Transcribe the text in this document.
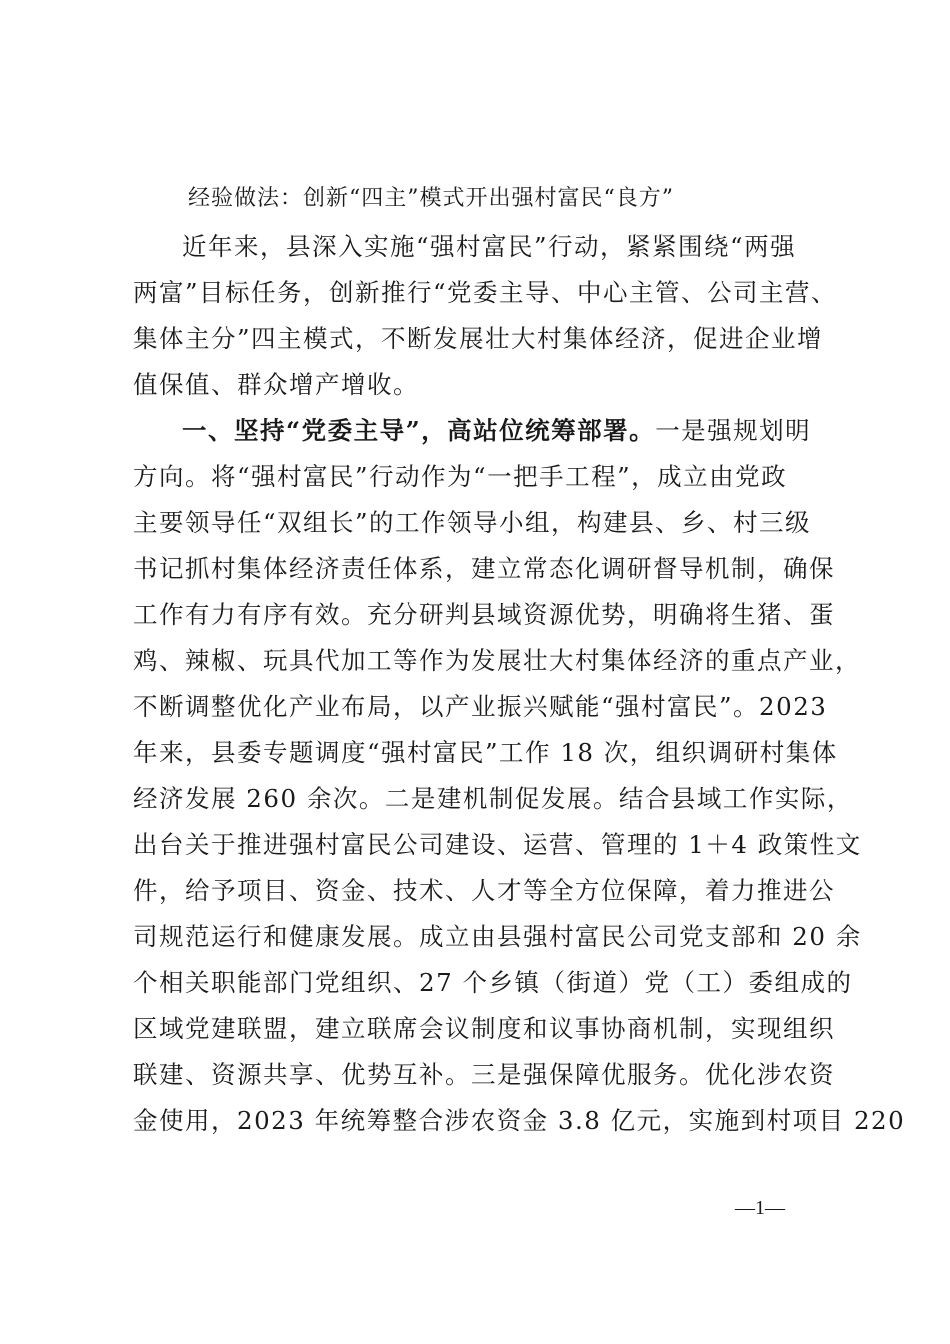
经验做法：创新“四主”模式开出强村富民“良方”
近年来，县深入实施“强村富民”行动，紧紧围绕“两强
两富”目标任务，创新推行“党委主导、中心主管、公司主营、
集体主分”四主模式，不断发展壮大村集体经济，促进企业增
值保值、群众增产增收。
一、坚持“党委主导”，高站位统筹部署。一是强规划明
方向。将“强村富民”行动作为“一把手工程”，成立由党政
主要领导任“双组长”的工作领导小组，构建县、乡、村三级
书记抓村集体经济责任体系，建立常态化调研督导机制，确保
工作有力有序有效。充分研判县域资源优势，明确将生猪、蛋
鸡、辣椒、玩具代加工等作为发展壮大村集体经济的重点产业，
不断调整优化产业布局，以产业振兴赋能“强村富民”。2023
年来，县委专题调度“强村富民”工作 18 次，组织调研村集体
经济发展 260 余次。二是建机制促发展。结合县域工作实际，
出台关于推进强村富民公司建设、运营、管理的 1＋4 政策性文
件，给予项目、资金、技术、人才等全方位保障，着力推进公
司规范运行和健康发展。成立由县强村富民公司党支部和 20 余
个相关职能部门党组织、27 个乡镇（街道）党（工）委组成的
区域党建联盟，建立联席会议制度和议事协商机制，实现组织
联建、资源共享、优势互补。三是强保障优服务。优化涉农资
金使用，2023 年统筹整合涉农资金 3.8 亿元，实施到村项目 220
—1—
